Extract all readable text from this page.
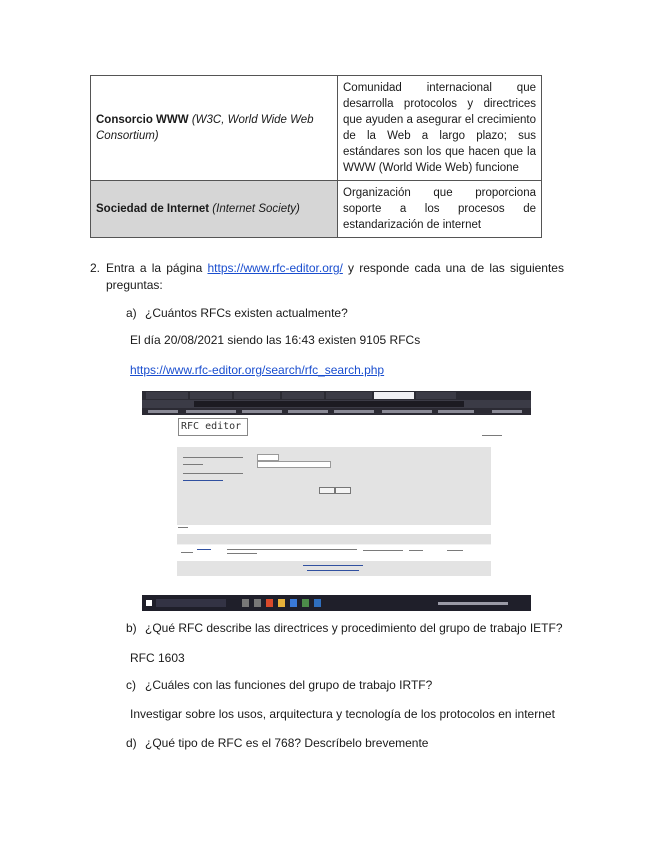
Consorcio WWW (W3C, World Wide Web Consortium)	Comunidad internacional que desarrolla protocolos y directrices que ayuden a asegurar el crecimiento de la Web a largo plazo; sus estándares son los que hacen que la WWW (World Wide Web) funcione
Sociedad de Internet (Internet Society)	Organización que proporciona soporte a los procesos de estandarización de internet
2. Entra a la página https://www.rfc-editor.org/ y responde cada una de las siguientes preguntas:
a) ¿Cuántos RFCs existen actualmente?
El día 20/08/2021 siendo las 16:43 existen 9105 RFCs
https://www.rfc-editor.org/search/rfc_search.php
RFC editor
b) ¿Qué RFC describe las directrices y procedimiento del grupo de trabajo IETF?
RFC 1603
c) ¿Cuáles con las funciones del grupo de trabajo IRTF?
Investigar sobre los usos, arquitectura y tecnología de los protocolos en internet
d) ¿Qué tipo de RFC es el 768? Descríbelo brevemente
